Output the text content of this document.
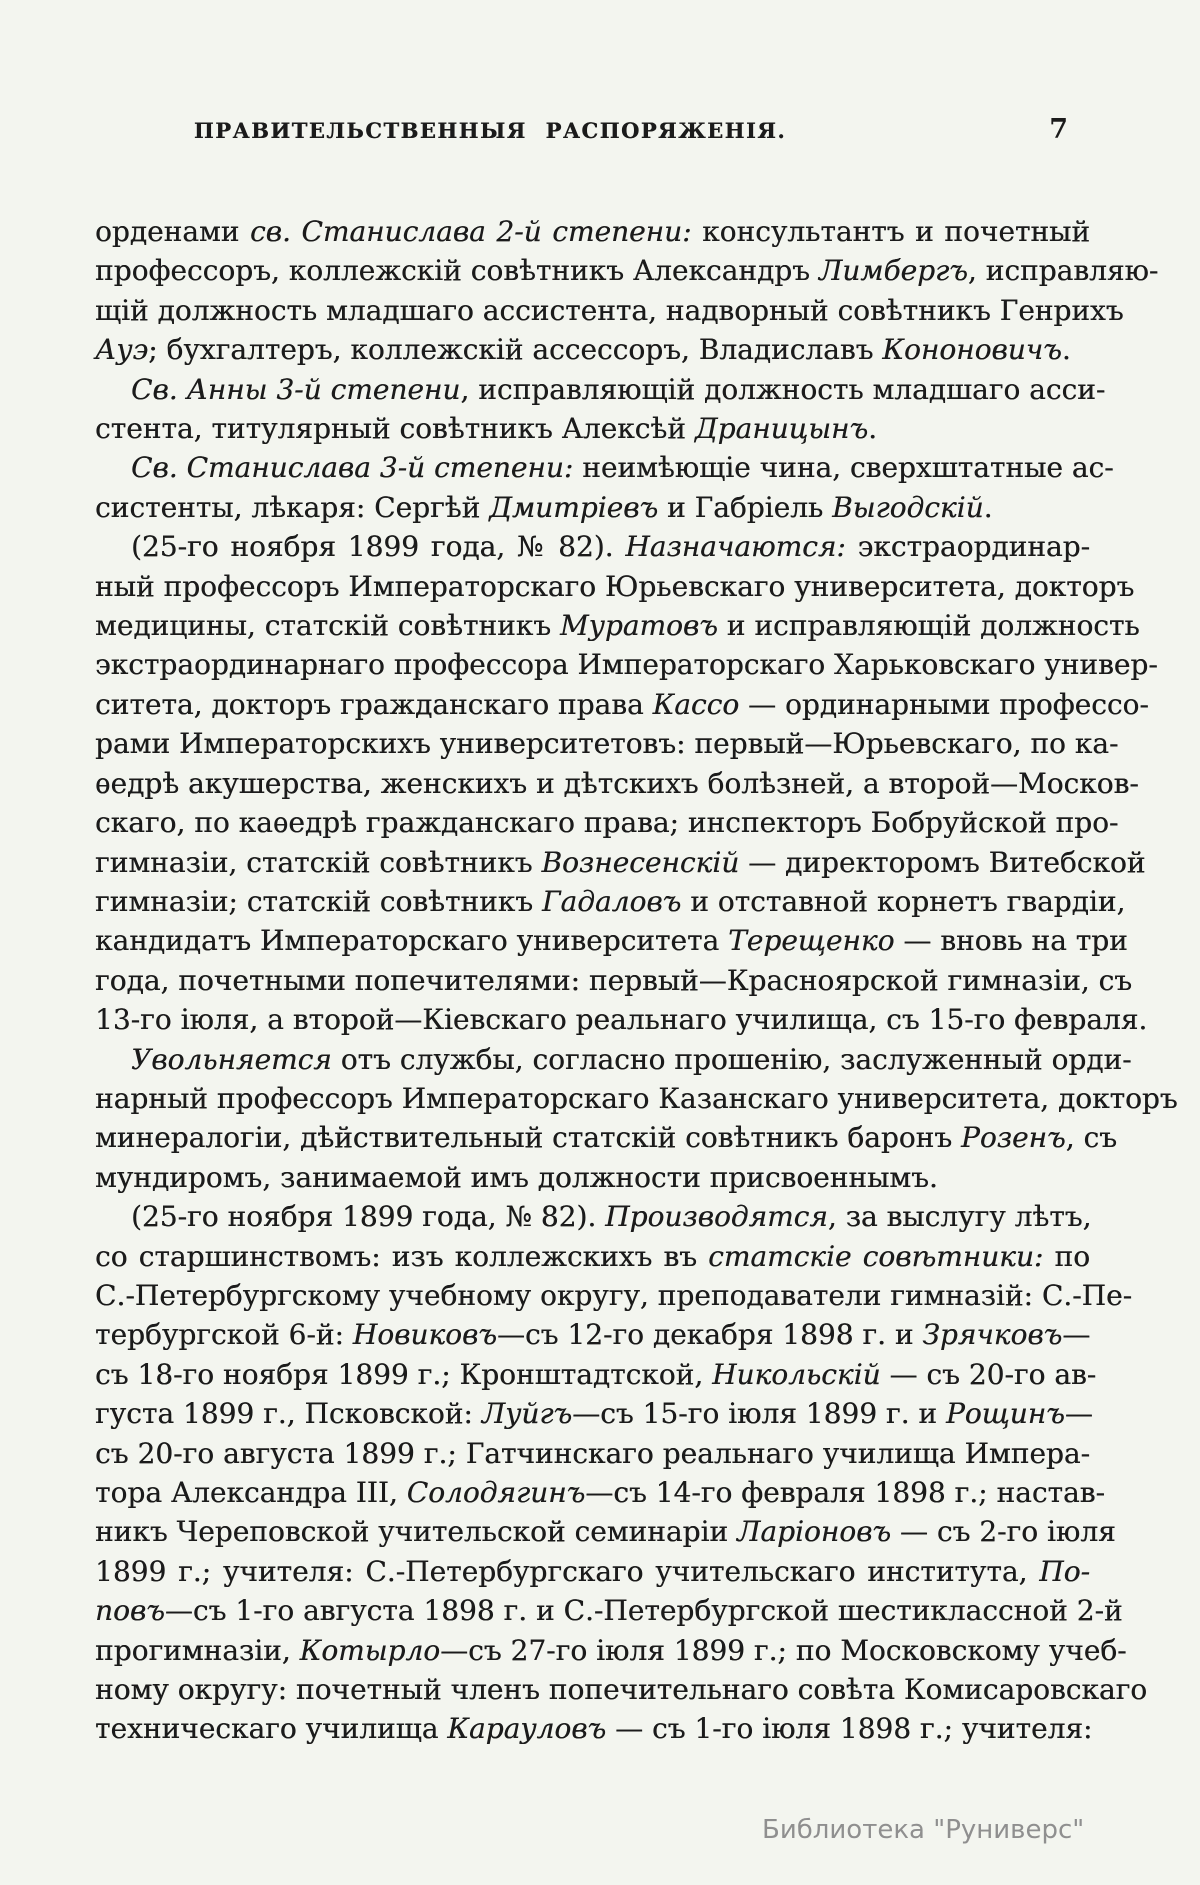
ПРАВИТЕЛЬСТВЕННЫЯ РАСПОРЯЖЕНІЯ.	7
орденами св. Станислава 2-й степени: консультантъ и почетный
профессоръ, коллежскій совѣтникъ Александръ Лимбергъ, исправляю-
щій должность младшаго ассистента, надворный совѣтникъ Генрихъ
Ауэ; бухгалтеръ, коллежскій ассессоръ, Владиславъ Кононовичъ.
Св. Анны 3-й степени, исправляющій должность младшаго асси-
стента, титулярный совѣтникъ Алексѣй Драницынъ.
Св. Станислава 3-й степени: неимѣющіе чина, сверхштатные ас-
систенты, лѣкаря: Сергѣй Дмитріевъ и Габріель Выгодскій.
(25-го ноября 1899 года, № 82). Назначаются: экстраординар-
ный профессоръ Императорскаго Юрьевскаго университета, докторъ
медицины, статскій совѣтникъ Муратовъ и исправляющій должность
экстраординарнаго профессора Императорскаго Харьковскаго универ-
ситета, докторъ гражданскаго права Кассо — ординарными профессо-
рами Императорскихъ университетовъ: первый—Юрьевскаго, по ка-
ѳедрѣ акушерства, женскихъ и дѣтскихъ болѣзней, а второй—Москов-
скаго, по каѳедрѣ гражданскаго права; инспекторъ Бобруйской про-
гимназіи, статскій совѣтникъ Вознесенскій — директоромъ Витебской
гимназіи; статскій совѣтникъ Гадаловъ и отставной корнетъ гвардіи,
кандидатъ Императорскаго университета Терещенко — вновь на три
года, почетными попечителями: первый—Красноярской гимназіи, съ
13-го іюля, а второй—Кіевскаго реальнаго училища, съ 15-го февраля.
Увольняется отъ службы, согласно прошенію, заслуженный орди-
нарный профессоръ Императорскаго Казанскаго университета, докторъ
минералогіи, дѣйствительный статскій совѣтникъ баронъ Розенъ, съ
мундиромъ, занимаемой имъ должности присвоеннымъ.
(25-го ноября 1899 года, № 82). Производятся, за выслугу лѣтъ,
со старшинствомъ: изъ коллежскихъ въ статскіе совѣтники: по
С.-Петербургскому учебному округу, преподаватели гимназій: С.-Пе-
тербургской 6-й: Новиковъ—съ 12-го декабря 1898 г. и Зрячковъ—
съ 18-го ноября 1899 г.; Кронштадтской, Никольскій — съ 20-го ав-
густа 1899 г., Псковской: Луйгъ—съ 15-го іюля 1899 г. и Рощинъ—
съ 20-го августа 1899 г.; Гатчинскаго реальнаго училища Импера-
тора Александра III, Солодягинъ—съ 14-го февраля 1898 г.; настав-
никъ Череповской учительской семинаріи Ларіоновъ — съ 2-го іюля
1899 г.; учителя: С.-Петербургскаго учительскаго института, По-
повъ—съ 1-го августа 1898 г. и С.-Петербургской шестиклассной 2-й
прогимназіи, Котырло—съ 27-го іюля 1899 г.; по Московскому учеб-
ному округу: почетный членъ попечительнаго совѣта Комисаровскаго
техническаго училища Карауловъ — съ 1-го іюля 1898 г.; учителя:
Библиотека "Руниверс"
